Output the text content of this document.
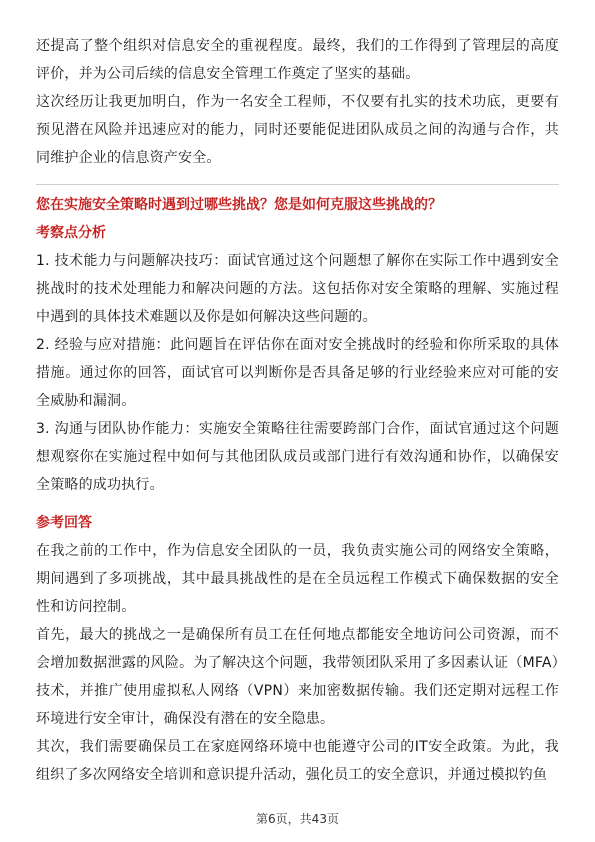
还提高了整个组织对信息安全的重视程度。最终，我们的工作得到了管理层的高度评价，并为公司后续的信息安全管理工作奠定了坚实的基础。

这次经历让我更加明白，作为一名安全工程师，不仅要有扎实的技术功底，更要有预见潜在风险并迅速应对的能力，同时还要能促进团队成员之间的沟通与合作，共同维护企业的信息资产安全。

您在实施安全策略时遇到过哪些挑战？您是如何克服这些挑战的？

考察点分析

1. 技术能力与问题解决技巧：面试官通过这个问题想了解你在实际工作中遇到安全挑战时的技术处理能力和解决问题的方法。这包括你对安全策略的理解、实施过程中遇到的具体技术难题以及你是如何解决这些问题的。

2. 经验与应对措施：此问题旨在评估你在面对安全挑战时的经验和你所采取的具体措施。通过你的回答，面试官可以判断你是否具备足够的行业经验来应对可能的安全威胁和漏洞。

3. 沟通与团队协作能力：实施安全策略往往需要跨部门合作，面试官通过这个问题想观察你在实施过程中如何与其他团队成员或部门进行有效沟通和协作，以确保安全策略的成功执行。

参考回答

在我之前的工作中，作为信息安全团队的一员，我负责实施公司的网络安全策略，期间遇到了多项挑战，其中最具挑战性的是在全员远程工作模式下确保数据的安全性和访问控制。

首先，最大的挑战之一是确保所有员工在任何地点都能安全地访问公司资源，而不会增加数据泄露的风险。为了解决这个问题，我带领团队采用了多因素认证（MFA）技术，并推广使用虚拟私人网络（VPN）来加密数据传输。我们还定期对远程工作环境进行安全审计，确保没有潜在的安全隐患。

其次，我们需要确保员工在家庭网络环境中也能遵守公司的IT安全政策。为此，我组织了多次网络安全培训和意识提升活动，强化员工的安全意识，并通过模拟钓鱼

第6页，共43页
